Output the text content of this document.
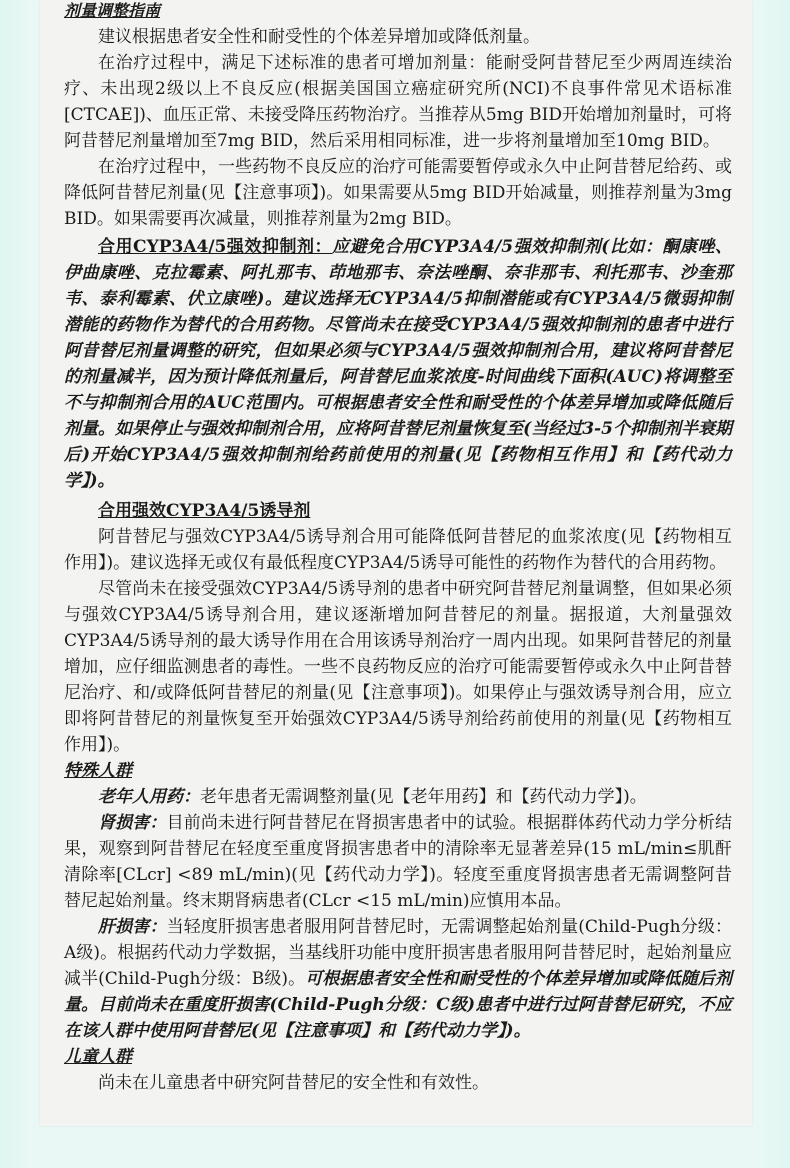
剂量调整指南

建议根据患者安全性和耐受性的个体差异增加或降低剂量。

在治疗过程中，满足下述标准的患者可增加剂量：能耐受阿昔替尼至少两周连续治疗、未出现2级以上不良反应(根据美国国立癌症研究所(NCI)不良事件常见术语标准[CTCAE])、血压正常、未接受降压药物治疗。当推荐从5mg BID开始增加剂量时，可将阿昔替尼剂量增加至7mg BID，然后采用相同标准，进一步将剂量增加至10mg BID。

在治疗过程中，一些药物不良反应的治疗可能需要暂停或永久中止阿昔替尼给药、或降低阿昔替尼剂量(见【注意事项】)。如果需要从5mg BID开始减量，则推荐剂量为3mg BID。如果需要再次减量，则推荐剂量为2mg BID。

合用CYP3A4/5强效抑制剂：应避免合用CYP3A4/5强效抑制剂(比如：酮康唑、伊曲康唑、克拉霉素、阿扎那韦、茚地那韦、奈法唑酮、奈非那韦、利托那韦、沙奎那韦、泰利霉素、伏立康唑)。建议选择无CYP3A4/5抑制潜能或有CYP3A4/5微弱抑制潜能的药物作为替代的合用药物。尽管尚未在接受CYP3A4/5强效抑制剂的患者中进行阿昔替尼剂量调整的研究，但如果必须与CYP3A4/5强效抑制剂合用，建议将阿昔替尼的剂量减半，因为预计降低剂量后，阿昔替尼血浆浓度-时间曲线下面积(AUC)将调整至不与抑制剂合用的AUC范围内。可根据患者安全性和耐受性的个体差异增加或降低随后剂量。如果停止与强效抑制剂合用，应将阿昔替尼剂量恢复至(当经过3-5个抑制剂半衰期后)开始CYP3A4/5强效抑制剂给药前使用的剂量(见【药物相互作用】和【药代动力学】)。

合用强效CYP3A4/5诱导剂

阿昔替尼与强效CYP3A4/5诱导剂合用可能降低阿昔替尼的血浆浓度(见【药物相互作用】)。建议选择无或仅有最低程度CYP3A4/5诱导可能性的药物作为替代的合用药物。

尽管尚未在接受强效CYP3A4/5诱导剂的患者中研究阿昔替尼剂量调整，但如果必须与强效CYP3A4/5诱导剂合用，建议逐渐增加阿昔替尼的剂量。据报道，大剂量强效CYP3A4/5诱导剂的最大诱导作用在合用该诱导剂治疗一周内出现。如果阿昔替尼的剂量增加，应仔细监测患者的毒性。一些不良药物反应的治疗可能需要暂停或永久中止阿昔替尼治疗、和/或降低阿昔替尼的剂量(见【注意事项】)。如果停止与强效诱导剂合用，应立即将阿昔替尼的剂量恢复至开始强效CYP3A4/5诱导剂给药前使用的剂量(见【药物相互作用】)。

特殊人群

老年人用药：老年患者无需调整剂量(见【老年用药】和【药代动力学】)。

肾损害：目前尚未进行阿昔替尼在肾损害患者中的试验。根据群体药代动力学分析结果，观察到阿昔替尼在轻度至重度肾损害患者中的清除率无显著差异(15 mL/min≤肌酐清除率[CLcr] <89 mL/min)(见【药代动力学】)。轻度至重度肾损害患者无需调整阿昔替尼起始剂量。终末期肾病患者(CLcr <15 mL/min)应慎用本品。

肝损害：当轻度肝损害患者服用阿昔替尼时，无需调整起始剂量(Child-Pugh分级：A级)。根据药代动力学数据，当基线肝功能中度肝损害患者服用阿昔替尼时，起始剂量应减半(Child-Pugh分级：B级)。可根据患者安全性和耐受性的个体差异增加或降低随后剂量。目前尚未在重度肝损害(Child-Pugh分级：C级)患者中进行过阿昔替尼研究，不应在该人群中使用阿昔替尼(见【注意事项】和【药代动力学】)。

儿童人群

尚未在儿童患者中研究阿昔替尼的安全性和有效性。
